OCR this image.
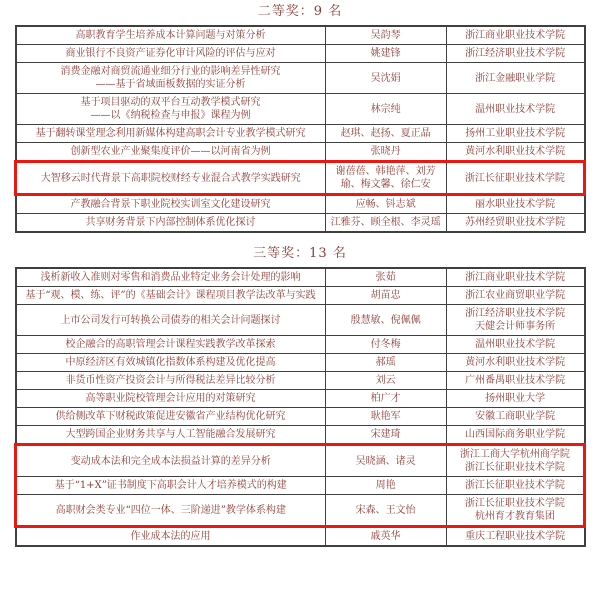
二等奖：9 名
高职教育学生培养成本计算问题与对策分析	吴韵琴	浙江商业职业技术学院

商业银行不良资产证券化审计风险的评估与应对	姚建锋	浙江经济职业技术学院

消费金融对商贸流通业细分行业的影响差异性研究
——基于省域面板数据的实证分析	吴沈娟	浙江金融职业学院

基于项目驱动的双平台互动教学模式研究
——以《纳税检查与申报》课程为例	林宗纯	温州职业技术学院

基于翻转课堂理念利用新媒体构建高职会计专业教学模式研究	赵琪、赵扬、夏正晶	扬州工业职业技术学院

创新型农业产业聚集度评价——以河南省为例	张晓丹	黄河水利职业技术学院

大智移云时代背景下高职院校财经专业混合式教学实践研究	谢蓓蓓、韩艳萍、刘芳瑜、梅文馨、徐仁安	浙江长征职业技术学院

产教融合背景下职业院校实训室文化建设研究	应畅、钭志斌	丽水职业技术学院

共享财务背景下内部控制体系优化探讨	江雅芬、顾全根、李灵瑶	苏州经贸职业技术学院
三等奖：13 名
浅析新收入准则对零售和消费品业特定业务会计处理的影响	张茹	浙江商业职业技术学院

基于“观、模、练、评”的《基础会计》课程项目教学法改革与实践	胡苗忠	浙江农业商贸职业学院

上市公司发行可转换公司债券的相关会计问题探讨	殷慧敏、倪佩佩	浙江经济职业技术学院
天健会计师事务所

校企融合的高职管理会计课程实践教学改革探索	付冬梅	温州职业技术学院

中原经济区有效城镇化指数体系构建及优化提高	郝瑶	黄河水利职业技术学院

非货币性资产投资会计与所得税法差异比较分析	刘云	广州番禺职业技术学院

高等职业院校管理会计应用的对策研究	柏广才	扬州职业大学

供给侧改革下财税政策促进安徽省产业结构优化研究	耿艳军	安徽工商职业学院

大型跨国企业财务共享与人工智能融合发展研究	宋建琦	山西国际商务职业学院

变动成本法和完全成本法损益计算的差异分析	吴晓涵、诸灵	浙江工商大学杭州商学院
浙江长征职业技术学院

基于“1+X”证书制度下高职会计人才培养模式的构建	周艳	浙江长征职业技术学院

高职财会类专业“四位一体、三阶递进”教学体系构建	宋森、王文怡	浙江长征职业技术学院
杭州育才教育集团

作业成本法的应用	戚英华	重庆工程职业技术学院
